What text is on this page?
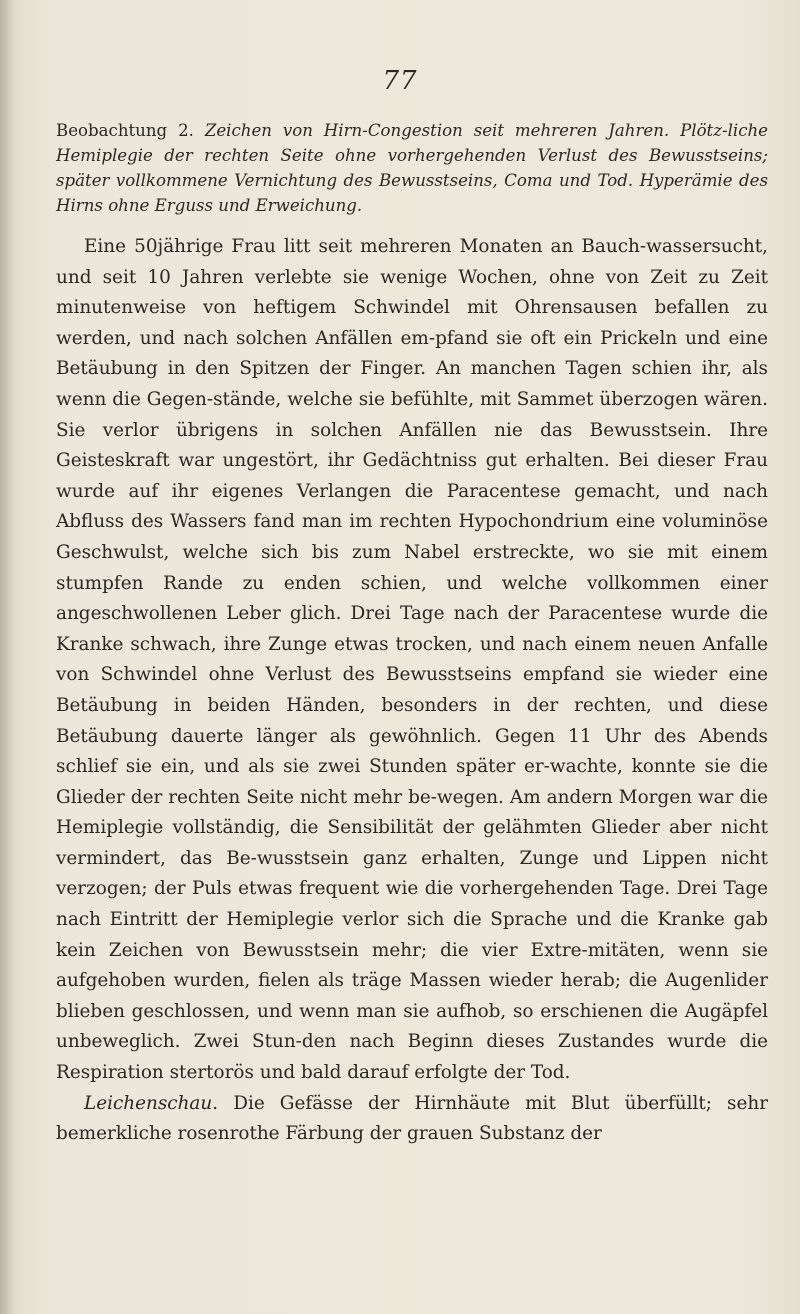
77

Beobachtung 2. Zeichen von Hirn-Congestion seit mehreren Jahren. Plötz-liche Hemiplegie der rechten Seite ohne vorhergehenden Verlust des Bewusstseins; später vollkommene Vernichtung des Bewusstseins, Coma und Tod. Hyperämie des Hirns ohne Erguss und Erweichung.

Eine 50jährige Frau litt seit mehreren Monaten an Bauch-wassersucht, und seit 10 Jahren verlebte sie wenige Wochen, ohne von Zeit zu Zeit minutenweise von heftigem Schwindel mit Ohrensausen befallen zu werden, und nach solchen Anfällen em-pfand sie oft ein Prickeln und eine Betäubung in den Spitzen der Finger. An manchen Tagen schien ihr, als wenn die Gegen-stände, welche sie befühlte, mit Sammet überzogen wären. Sie verlor übrigens in solchen Anfällen nie das Bewusstsein. Ihre Geisteskraft war ungestört, ihr Gedächtniss gut erhalten. Bei dieser Frau wurde auf ihr eigenes Verlangen die Paracentese gemacht, und nach Abfluss des Wassers fand man im rechten Hypochondrium eine voluminöse Geschwulst, welche sich bis zum Nabel erstreckte, wo sie mit einem stumpfen Rande zu enden schien, und welche vollkommen einer angeschwollenen Leber glich. Drei Tage nach der Paracentese wurde die Kranke schwach, ihre Zunge etwas trocken, und nach einem neuen Anfalle von Schwindel ohne Verlust des Bewusstseins empfand sie wieder eine Betäubung in beiden Händen, besonders in der rechten, und diese Betäubung dauerte länger als gewöhnlich. Gegen 11 Uhr des Abends schlief sie ein, und als sie zwei Stunden später er-wachte, konnte sie die Glieder der rechten Seite nicht mehr be-wegen. Am andern Morgen war die Hemiplegie vollständig, die Sensibilität der gelähmten Glieder aber nicht vermindert, das Be-wusstsein ganz erhalten, Zunge und Lippen nicht verzogen; der Puls etwas frequent wie die vorhergehenden Tage. Drei Tage nach Eintritt der Hemiplegie verlor sich die Sprache und die Kranke gab kein Zeichen von Bewusstsein mehr; die vier Extre-mitäten, wenn sie aufgehoben wurden, fielen als träge Massen wieder herab; die Augenlider blieben geschlossen, und wenn man sie aufhob, so erschienen die Augäpfel unbeweglich. Zwei Stun-den nach Beginn dieses Zustandes wurde die Respiration stertorös und bald darauf erfolgte der Tod.

Leichenschau. Die Gefässe der Hirnhäute mit Blut überfüllt; sehr bemerkliche rosenrothe Färbung der grauen Substanz der
